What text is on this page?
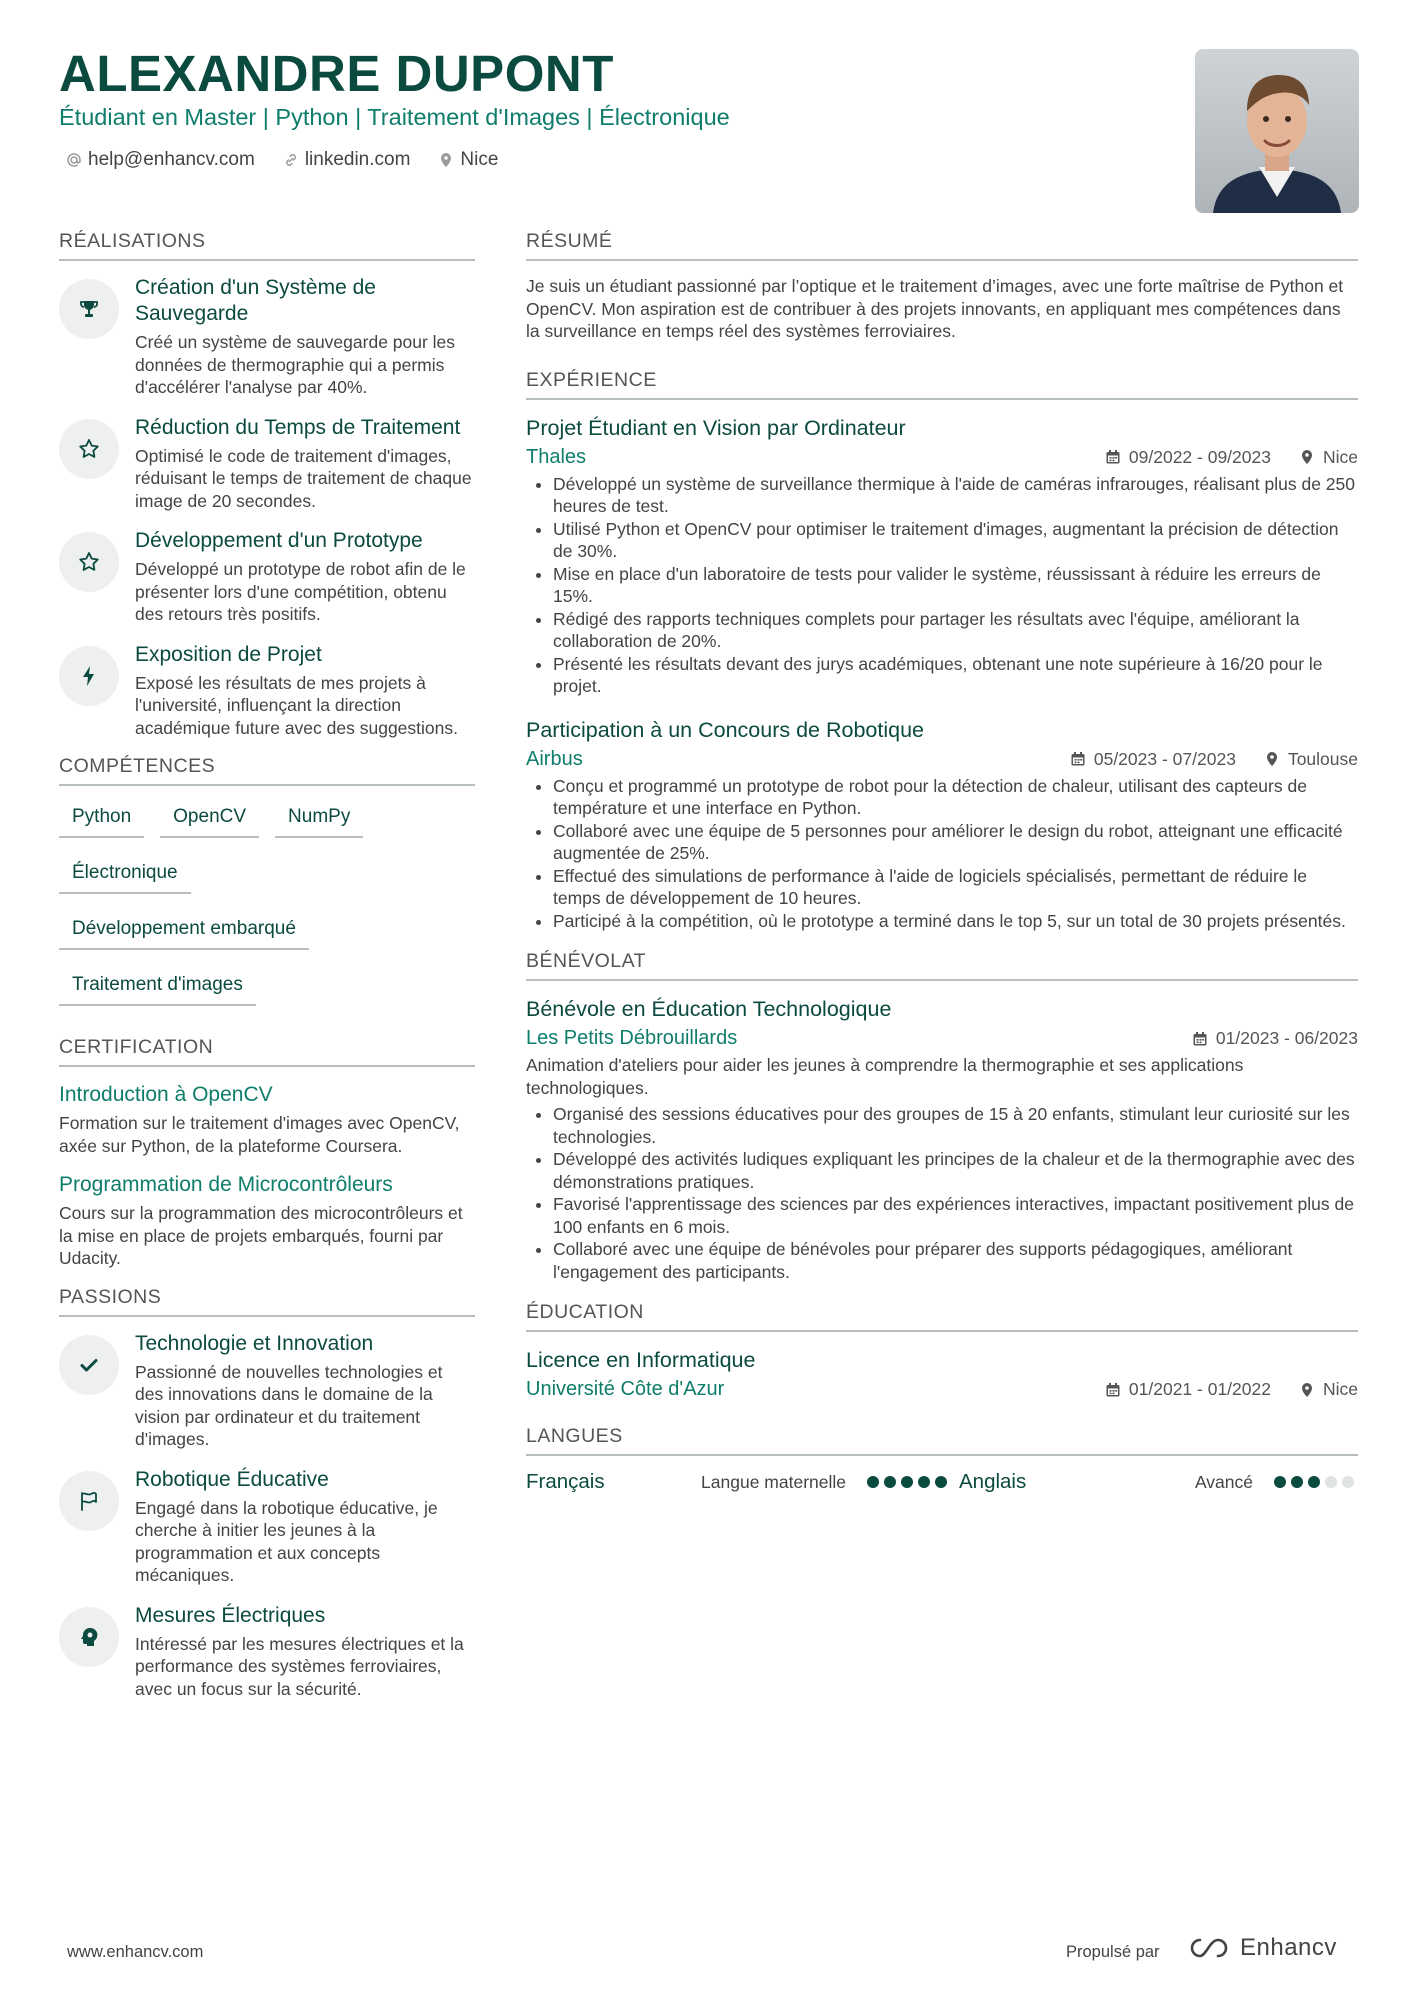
ALEXANDRE DUPONT
Étudiant en Master | Python | Traitement d'Images | Électronique
help@enhancv.com	linkedin.com	Nice
RÉALISATIONS
Création d'un Système de Sauvegarde
Créé un système de sauvegarde pour les données de thermographie qui a permis d'accélérer l'analyse par 40%.
Réduction du Temps de Traitement
Optimisé le code de traitement d'images, réduisant le temps de traitement de chaque image de 20 secondes.
Développement d'un Prototype
Développé un prototype de robot afin de le présenter lors d'une compétition, obtenu des retours très positifs.
Exposition de Projet
Exposé les résultats de mes projets à l'université, influençant la direction académique future avec des suggestions.
COMPÉTENCES
Python	OpenCV	NumPy
Électronique
Développement embarqué
Traitement d'images
CERTIFICATION
Introduction à OpenCV
Formation sur le traitement d'images avec OpenCV, axée sur Python, de la plateforme Coursera.
Programmation de Microcontrôleurs
Cours sur la programmation des microcontrôleurs et la mise en place de projets embarqués, fourni par Udacity.
PASSIONS
Technologie et Innovation
Passionné de nouvelles technologies et des innovations dans le domaine de la vision par ordinateur et du traitement d'images.
Robotique Éducative
Engagé dans la robotique éducative, je cherche à initier les jeunes à la programmation et aux concepts mécaniques.
Mesures Électriques
Intéressé par les mesures électriques et la performance des systèmes ferroviaires, avec un focus sur la sécurité.
RÉSUMÉ
Je suis un étudiant passionné par l’optique et le traitement d’images, avec une forte maîtrise de Python et OpenCV. Mon aspiration est de contribuer à des projets innovants, en appliquant mes compétences dans la surveillance en temps réel des systèmes ferroviaires.
EXPÉRIENCE
Projet Étudiant en Vision par Ordinateur
Thales	09/2022 - 09/2023	Nice
• Développé un système de surveillance thermique à l'aide de caméras infrarouges, réalisant plus de 250 heures de test.
• Utilisé Python et OpenCV pour optimiser le traitement d'images, augmentant la précision de détection de 30%.
• Mise en place d'un laboratoire de tests pour valider le système, réussissant à réduire les erreurs de 15%.
• Rédigé des rapports techniques complets pour partager les résultats avec l'équipe, améliorant la collaboration de 20%.
• Présenté les résultats devant des jurys académiques, obtenant une note supérieure à 16/20 pour le projet.
Participation à un Concours de Robotique
Airbus	05/2023 - 07/2023	Toulouse
• Conçu et programmé un prototype de robot pour la détection de chaleur, utilisant des capteurs de température et une interface en Python.
• Collaboré avec une équipe de 5 personnes pour améliorer le design du robot, atteignant une efficacité augmentée de 25%.
• Effectué des simulations de performance à l'aide de logiciels spécialisés, permettant de réduire le temps de développement de 10 heures.
• Participé à la compétition, où le prototype a terminé dans le top 5, sur un total de 30 projets présentés.
BÉNÉVOLAT
Bénévole en Éducation Technologique
Les Petits Débrouillards	01/2023 - 06/2023
Animation d'ateliers pour aider les jeunes à comprendre la thermographie et ses applications technologiques.
• Organisé des sessions éducatives pour des groupes de 15 à 20 enfants, stimulant leur curiosité sur les technologies.
• Développé des activités ludiques expliquant les principes de la chaleur et de la thermographie avec des démonstrations pratiques.
• Favorisé l'apprentissage des sciences par des expériences interactives, impactant positivement plus de 100 enfants en 6 mois.
• Collaboré avec une équipe de bénévoles pour préparer des supports pédagogiques, améliorant l'engagement des participants.
ÉDUCATION
Licence en Informatique
Université Côte d'Azur	01/2021 - 01/2022	Nice
LANGUES
Français	Langue maternelle	Anglais	Avancé
www.enhancv.com	Propulsé par	Enhancv
